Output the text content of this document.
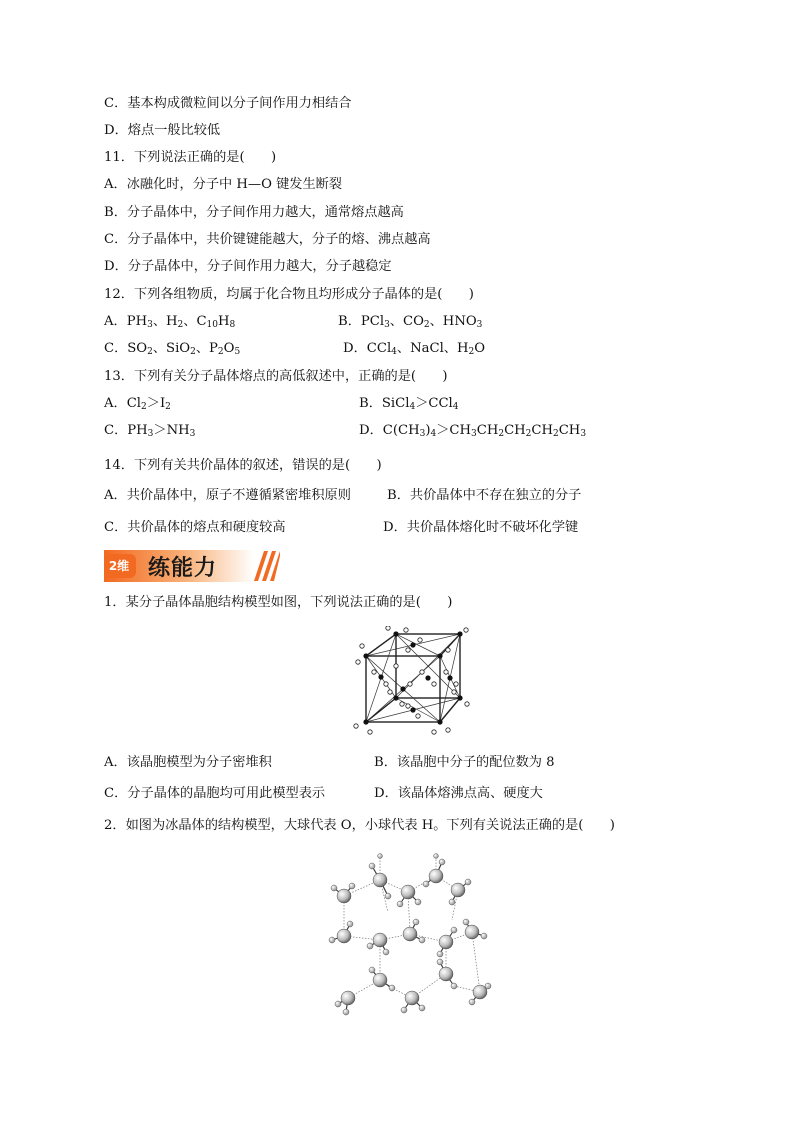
C．基本构成微粒间以分子间作用力相结合
D．熔点一般比较低
11．下列说法正确的是(　　)
A．冰融化时，分子中 H—O 键发生断裂
B．分子晶体中，分子间作用力越大，通常熔点越高
C．分子晶体中，共价键键能越大，分子的熔、沸点越高
D．分子晶体中，分子间作用力越大，分子越稳定
12．下列各组物质，均属于化合物且均形成分子晶体的是(　　)
A．$PH_3$、$H_2$、$C_{10}H_8$	B．PCl$_3$、$CO_2$、$HNO_3$
C．$SO_2$、SiO$_2$、$P_2O_5$	D．CCl$_4$、NaCl、$H_2O$
13．下列有关分子晶体熔点的高低叙述中，正确的是(　　)
A．$Cl_2>I_2$	B．SiCl$_4$＞CCl$_4$
C．$PH_3>NH_3$	D．$C(CH_3)_4>CH_3CH_2CH_2CH_2CH_3$
14．下列有关共价晶体的叙述，错误的是(　　)
A．共价晶体中，原子不遵循紧密堆积原则	B．共价晶体中不存在独立的分子
C．共价晶体的熔点和硬度较高	D．共价晶体熔化时不破坏化学键
2维 练能力
1．某分子晶体晶胞结构模型如图，下列说法正确的是(　　)
A．该晶胞模型为分子密堆积	B．该晶胞中分子的配位数为 8
C．分子晶体的晶胞均可用此模型表示	D．该晶体熔沸点高、硬度大
2．如图为冰晶体的结构模型，大球代表 O，小球代表 H。下列有关说法正确的是(　　)
